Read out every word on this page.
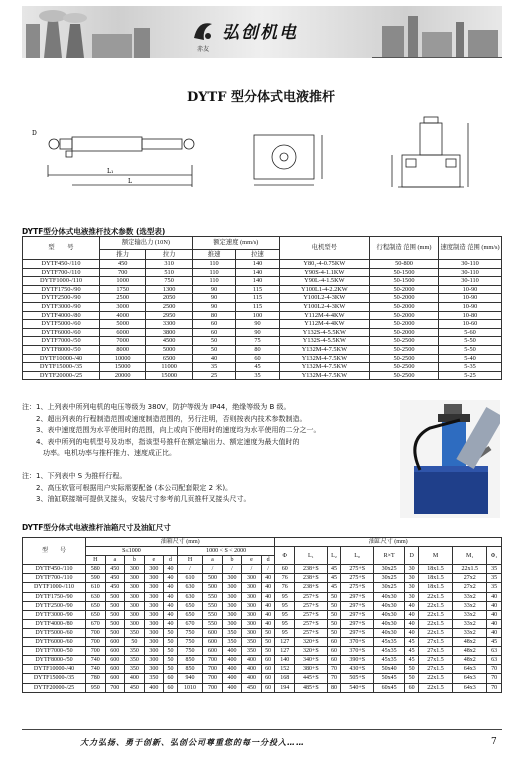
弘创机电
赤友
DYTF 型分体式电液推杆
L₁
L
D
DYTF型分体式电液推杆技术参数 (选型表)
型　　号	额定输出力 (10N)		额定速度 (mm/s)		电机型号	行程制造 范围 (mm)	速度制造 范围 (mm/s)
	推力	拉力	推速	拉速			
DYTF450-/110	450	310	110	140	Y80₁-4-0.75KW	50-800	30-110
DYTF700-/110	700	510	110	140	Y90S-4-1.1KW	50-1500	30-110
DYTF1000-/110	1000	750	110	140	Y90L-4-1.5KW	50-1500	30-110
DYTF1750-/90	1750	1300	90	115	Y100L1-4-2.2KW	50-2000	10-90
DYTF2500-/90	2500	2050	90	115	Y100L2-4-3KW	50-2000	10-90
DYTF3000-/90	3000	2500	90	115	Y100L2-4-3KW	50-2000	10-90
DYTF4000-/80	4000	2950	80	100	Y112M-4-4KW	50-2000	10-80
DYTF5000-/60	5000	3300	60	90	Y112M-4-4KW	50-2000	10-60
DYTF6000-/60	6000	3800	60	90	Y132S-4-5.5KW	50-2000	5-60
DYTF7000-/50	7000	4500	50	75	Y132S-4-5.5KW	50-2500	5-50
DYTF8000-/50	8000	5000	50	80	Y132M-4-7.5KW	50-2500	5-50
DYTF10000-/40	10000	6500	40	60	Y132M-4-7.5KW	50-2500	5-40
DYTF15000-/35	15000	11000	35	45	Y132M-4-7.5KW	50-2500	5-35
DYTF20000-/25	20000	15000	25	35	Y132M-4-7.5KW	50-2500	5-25
注：1、上列表中所列电机的电压等级为 380V，防护等级为 IP44，绝缘等级为 B 级。
　　2、超出列表的行程制造范围或速度制造范围的，另行注明，否则按表内技术参数制造。
　　3、表中速度范围为水平使用时的范围，向上或向下使用时的速度均为水平使用的二分之一。
　　4、表中所列的电机型号及功率，指该型号推杆在额定输出力、额定速度为最大值时的
　　　功率。电机功率与推杆推力、速度成正比。
注：1、下列表中 S 为推杆行程。
　　2、高压软管可根据用户实际需要配备 (本公司配套限定 2 米)。
　　3、油缸联接端可提供叉接头，安装尺寸参考前几页推杆叉接头尺寸。
DYTF型分体式电液推杆油箱尺寸及油缸尺寸
型　　号	油箱尺寸 (mm)										油缸尺寸 (mm)								
	S≤1000					1000 < S < 2000					Φ	L₁	L₂	L₀	R×T	D	M	M₁	Φ₁
	H	a	b	e	d	H	a	b	e	d									
DYTF450-/110	580	450	300	300	40	/	/	/	/	/	60	238+S	45	275+S	30x25	30	18x1.5	22x1.5	35
DYTF700-/110	590	450	300	300	40	610	500	300	300	40	76	238+S	45	275+S	30x25	30	18x1.5	27x2	35
DYTF1000-/110	610	450	300	300	40	630	500	300	300	40	76	238+S	45	275+S	30x25	30	18x1.5	27x2	35
DYTF1750-/90	630	500	300	300	40	630	550	300	300	40	95	257+S	50	297+S	40x30	30	22x1.5	33x2	40
DYTF2500-/90	650	500	300	300	40	650	550	300	300	40	95	257+S	50	297+S	40x30	40	22x1.5	33x2	40
DYTF3000-/90	650	500	300	300	40	650	550	300	300	40	95	257+S	50	297+S	40x30	40	22x1.5	33x2	40
DYTF4000-/80	670	500	300	300	40	670	550	300	300	40	95	257+S	50	297+S	40x30	40	22x1.5	33x2	40
DYTF5000-/60	700	500	350	300	50	750	600	350	300	50	95	257+S	50	297+S	40x30	40	22x1.5	33x2	40
DYTF6000-/60	700	600	50	300	50	750	600	350	350	50	127	320+S	60	370+S	45x35	45	27x1.5	48x2	45
DYTF7000-/50	700	600	350	300	50	750	600	400	350	50	127	320+S	60	370+S	45x35	45	27x1.5	48x2	63
DYTF8000-/50	740	600	350	300	50	850	700	400	400	60	140	340+S	60	390+S	45x35	45	27x1.5	48x2	63
DYTF10000-/40	740	600	350	300	50	850	700	400	400	60	152	380+S	70	430+S	50x40	50	27x1.5	64x3	70
DYTF15000-/35	780	600	400	350	60	940	700	400	400	60	168	445+S	70	505+S	50x45	50	22x1.5	64x3	70
DYTF20000-/25	950	700	450	400	60	1010	700	400	450	60	194	485+S	80	540+S	60x45	60	22x1.5	64x3	70
大力弘扬、勇于创新、弘创公司尊重您的每一分投入……	7
